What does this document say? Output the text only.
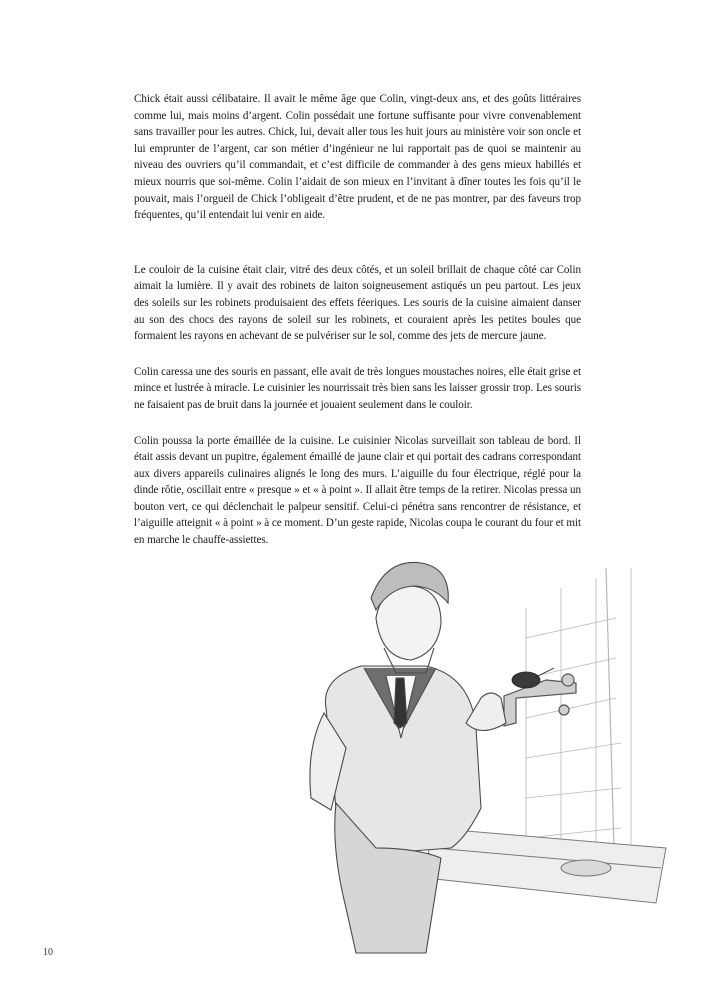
Chick était aussi célibataire. Il avait le même âge que Colin, vingt-deux ans, et des goûts littéraires comme lui, mais moins d’argent. Colin possédait une fortune suffisante pour vivre convenablement sans travailler pour les autres. Chick, lui, devait aller tous les huit jours au ministère voir son oncle et lui emprunter de l’argent, car son métier d’ingénieur ne lui rapportait pas de quoi se maintenir au niveau des ouvriers qu’il commandait, et c’est difficile de commander à des gens mieux habillés et mieux nourris que soi-même. Colin l’aidait de son mieux en l’invitant à dîner toutes les fois qu’il le pouvait, mais l’orgueil de Chick l’obligeait d’être prudent, et de ne pas montrer, par des faveurs trop fréquentes, qu’il entendait lui venir en aide.

Le couloir de la cuisine était clair, vitré des deux côtés, et un soleil brillait de chaque côté car Colin aimait la lumière. Il y avait des robinets de laiton soigneusement astiqués un peu partout. Les jeux des soleils sur les robinets produisaient des effets féeriques. Les souris de la cuisine aimaient danser au son des chocs des rayons de soleil sur les robinets, et couraient après les petites boules que formaient les rayons en achevant de se pulvériser sur le sol, comme des jets de mercure jaune.

Colin caressa une des souris en passant, elle avait de très longues moustaches noires, elle était grise et mince et lustrée à miracle. Le cuisinier les nourrissait très bien sans les laisser grossir trop. Les souris ne faisaient pas de bruit dans la journée et jouaient seulement dans le couloir.

Colin poussa la porte émaillée de la cuisine. Le cuisinier Nicolas surveillait son tableau de bord. Il était assis devant un pupitre, également émaillé de jaune clair et qui portait des cadrans correspondant aux divers appareils culinaires alignés le long des murs. L’aiguille du four électrique, réglé pour la dinde rôtie, oscillait entre « presque » et « à point ». Il allait être temps de la retirer. Nicolas pressa un bouton vert, ce qui déclenchait le palpeur sensitif. Celui-ci pénétra sans rencontrer de résistance, et l’aiguille atteignit « à point » à ce moment. D’un geste rapide, Nicolas coupa le courant du four et mit en marche le chauffe-assiettes.

10
